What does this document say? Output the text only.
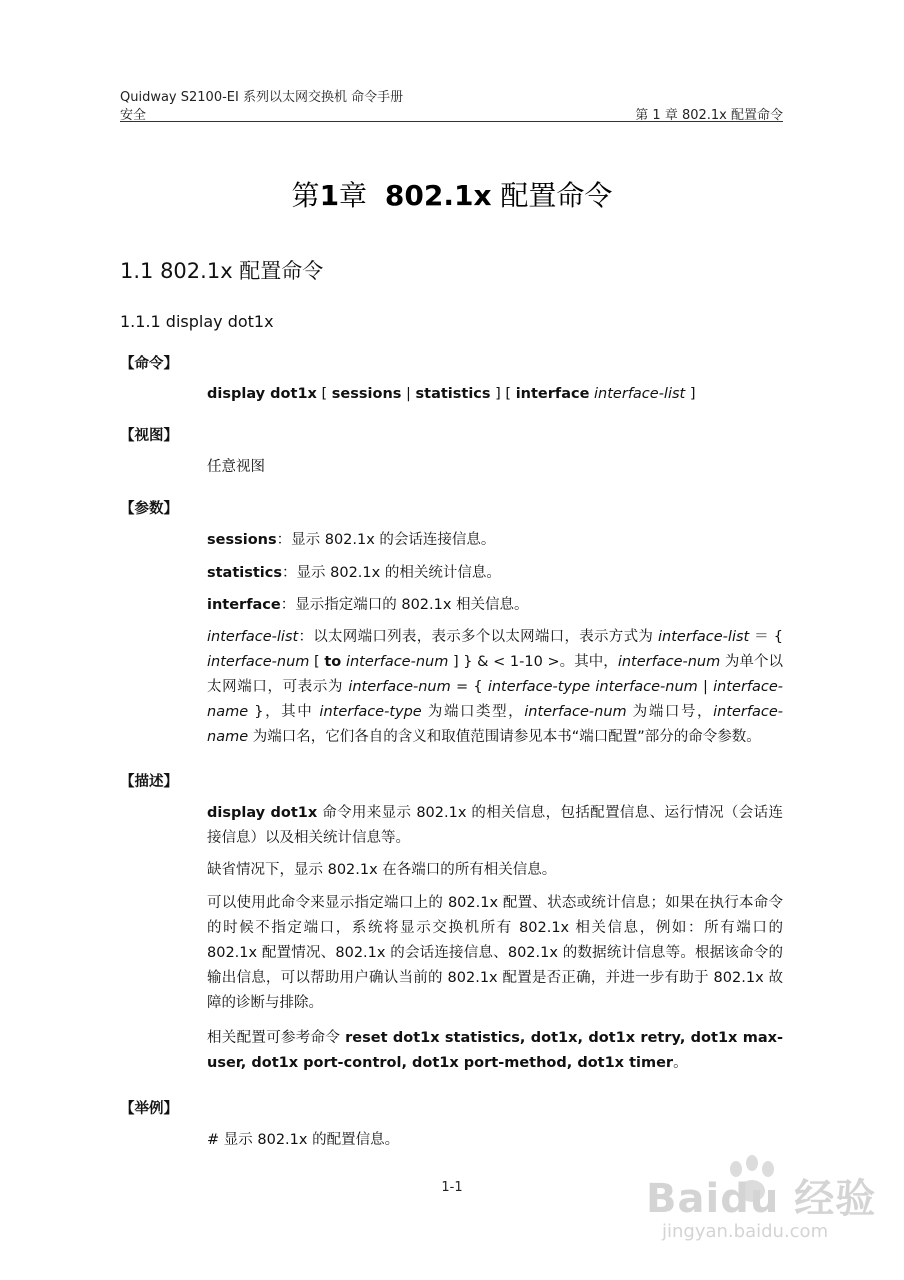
Quidway S2100-EI 系列以太网交换机 命令手册
安全	第 1 章 802.1x 配置命令
第1章 802.1x 配置命令
1.1 802.1x 配置命令
1.1.1 display dot1x
【命令】
display dot1x [ sessions | statistics ] [ interface interface-list ]
【视图】
任意视图
【参数】
sessions：显示 802.1x 的会话连接信息。
statistics：显示 802.1x 的相关统计信息。
interface：显示指定端口的 802.1x 相关信息。
interface-list：以太网端口列表，表示多个以太网端口，表示方式为 interface-list ＝ { interface-num [ to interface-num ] } & < 1-10 >。其中，interface-num 为单个以太网端口，可表示为 interface-num = { interface-type interface-num | interface-name }，其中 interface-type 为端口类型，interface-num 为端口号，interface-name 为端口名，它们各自的含义和取值范围请参见本书“端口配置”部分的命令参数。
【描述】
display dot1x 命令用来显示 802.1x 的相关信息，包括配置信息、运行情况（会话连接信息）以及相关统计信息等。
缺省情况下，显示 802.1x 在各端口的所有相关信息。
可以使用此命令来显示指定端口上的 802.1x 配置、状态或统计信息；如果在执行本命令的时候不指定端口，系统将显示交换机所有 802.1x 相关信息，例如：所有端口的 802.1x 配置情况、802.1x 的会话连接信息、802.1x 的数据统计信息等。根据该命令的输出信息，可以帮助用户确认当前的 802.1x 配置是否正确，并进一步有助于 802.1x 故障的诊断与排除。
相关配置可参考命令 reset dot1x statistics, dot1x, dot1x retry, dot1x max-user, dot1x port-control, dot1x port-method, dot1x timer。
【举例】
# 显示 802.1x 的配置信息。
1-1	Baidu 经验
jingyan.baidu.com
